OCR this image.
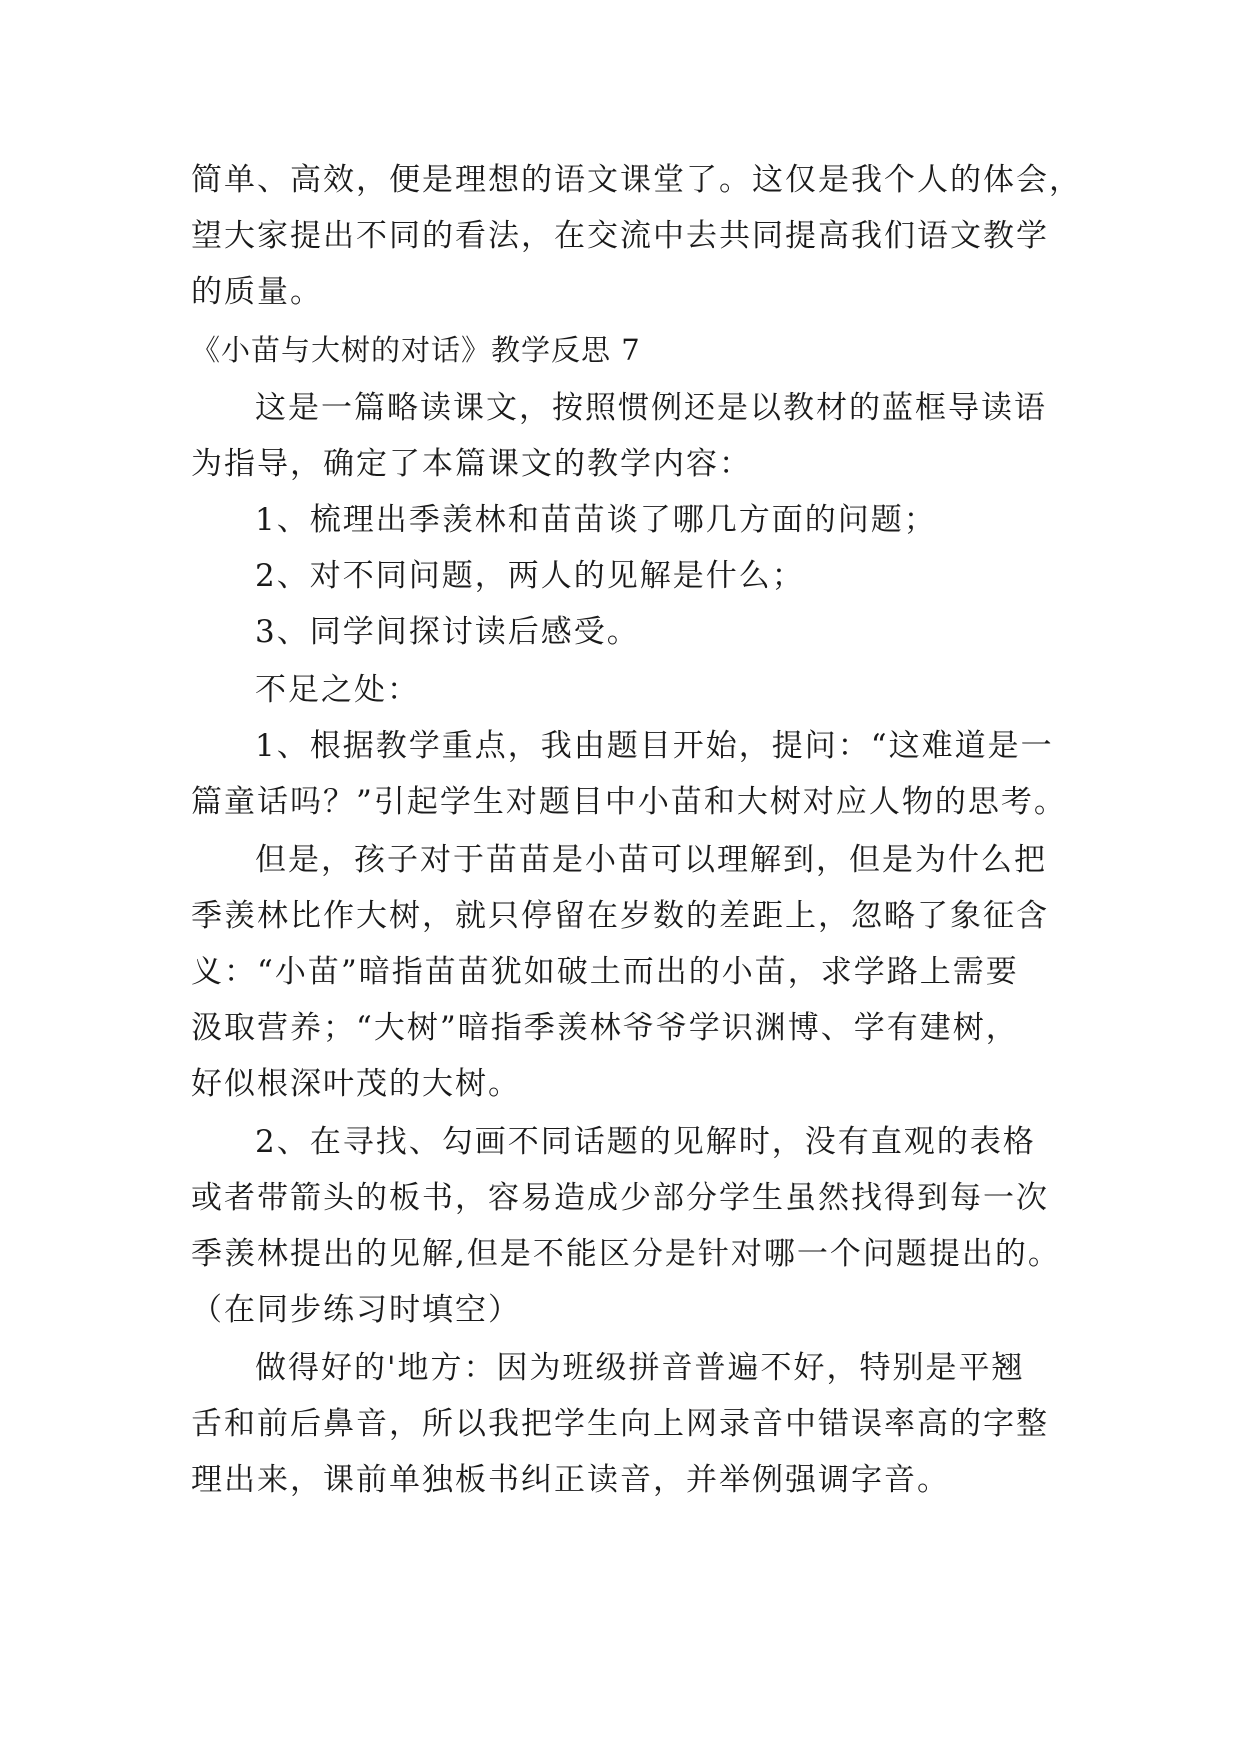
简单、高效，便是理想的语文课堂了。这仅是我个人的体会，
望大家提出不同的看法，在交流中去共同提高我们语文教学
的质量。
《小苗与大树的对话》教学反思 7
这是一篇略读课文，按照惯例还是以教材的蓝框导读语
为指导，确定了本篇课文的教学内容：
1、梳理出季羡林和苗苗谈了哪几方面的问题；
2、对不同问题，两人的见解是什么；
3、同学间探讨读后感受。
不足之处：
1、根据教学重点，我由题目开始，提问：“这难道是一
篇童话吗？”引起学生对题目中小苗和大树对应人物的思考。
但是，孩子对于苗苗是小苗可以理解到，但是为什么把
季羡林比作大树，就只停留在岁数的差距上，忽略了象征含
义：“小苗”暗指苗苗犹如破土而出的小苗，求学路上需要
汲取营养；“大树”暗指季羡林爷爷学识渊博、学有建树，
好似根深叶茂的大树。
2、在寻找、勾画不同话题的见解时，没有直观的表格
或者带箭头的板书，容易造成少部分学生虽然找得到每一次
季羡林提出的见解,但是不能区分是针对哪一个问题提出的。
（在同步练习时填空）
做得好的'地方：因为班级拼音普遍不好，特别是平翘
舌和前后鼻音，所以我把学生向上网录音中错误率高的字整
理出来，课前单独板书纠正读音，并举例强调字音。
